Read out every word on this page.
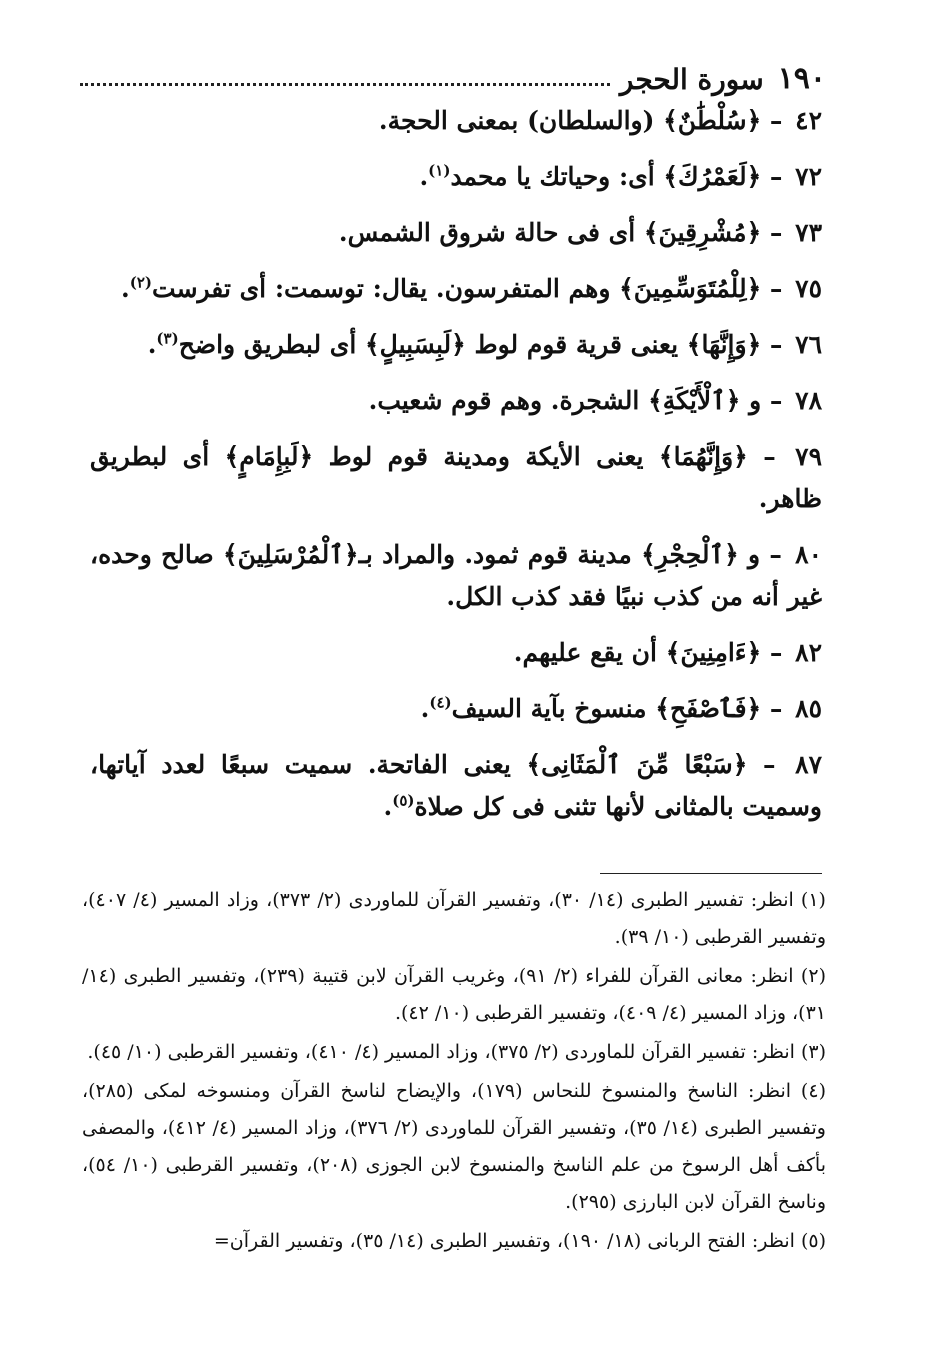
١٩٠
سورة الحجر
٤٢ – ﴿سُلْطَٰنٌ﴾ (والسلطان) بمعنى الحجة.
٧٢ – ﴿لَعَمْرُكَ﴾ أى: وحياتك يا محمد$^{(١)}$.
٧٣ – ﴿مُشْرِقِينَ﴾ أى فى حالة شروق الشمس.
٧٥ – ﴿لِلْمُتَوَسِّمِينَ﴾ وهم المتفرسون. يقال: توسمت: أى تفرست$^{(٢)}$.
٧٦ – ﴿وَإِنَّهَا﴾ يعنى قرية قوم لوط ﴿لَبِسَبِيلٍ﴾ أى لبطريق واضح$^{(٣)}$.
٧٨ – و ﴿ٱلْأَيْكَةِ﴾ الشجرة. وهم قوم شعيب.
٧٩ – ﴿وَإِنَّهُمَا﴾ يعنى الأيكة ومدينة قوم لوط ﴿لَبِإِمَامٍ﴾ أى لبطريق ظاهر.
٨٠ – و ﴿ٱلْحِجْرِ﴾ مدينة قوم ثمود. والمراد بـ﴿ٱلْمُرْسَلِينَ﴾ صالح وحده، غير أنه من كذب نبيًا فقد كذب الكل.
٨٢ – ﴿ءَامِنِينَ﴾ أن يقع عليهم.
٨٥ – ﴿فَٱصْفَحِ﴾ منسوخ بآية السيف$^{(٤)}$.
٨٧ – ﴿سَبْعًا مِّنَ ٱلْمَثَانِى﴾ يعنى الفاتحة. سميت سبعًا لعدد آياتها، وسميت بالمثانى لأنها تثنى فى كل صلاة$^{(٥)}$.
(١) انظر: تفسير الطبرى (١٤/ ٣٠)، وتفسير القرآن للماوردى (٢/ ٣٧٣)، وزاد المسير (٤/ ٤٠٧)، وتفسير القرطبى (١٠/ ٣٩).
(٢) انظر: معانى القرآن للفراء (٢/ ٩١)، وغريب القرآن لابن قتيبة (٢٣٩)، وتفسير الطبرى (١٤/ ٣١)، وزاد المسير (٤/ ٤٠٩)، وتفسير القرطبى (١٠/ ٤٢).
(٣) انظر: تفسير القرآن للماوردى (٢/ ٣٧٥)، وزاد المسير (٤/ ٤١٠)، وتفسير القرطبى (١٠/ ٤٥).
(٤) انظر: الناسخ والمنسوخ للنحاس (١٧٩)، والإيضاح لناسخ القرآن ومنسوخه لمكى (٢٨٥)، وتفسير الطبرى (١٤/ ٣٥)، وتفسير القرآن للماوردى (٢/ ٣٧٦)، وزاد المسير (٤/ ٤١٢)، والمصفى بأكف أهل الرسوخ من علم الناسخ والمنسوخ لابن الجوزى (٢٠٨)، وتفسير القرطبى (١٠/ ٥٤)، وناسخ القرآن لابن البارزى (٢٩٥).
(٥) انظر: الفتح الربانى (١٨/ ١٩٠)، وتفسير الطبرى (١٤/ ٣٥)، وتفسير القرآن=
